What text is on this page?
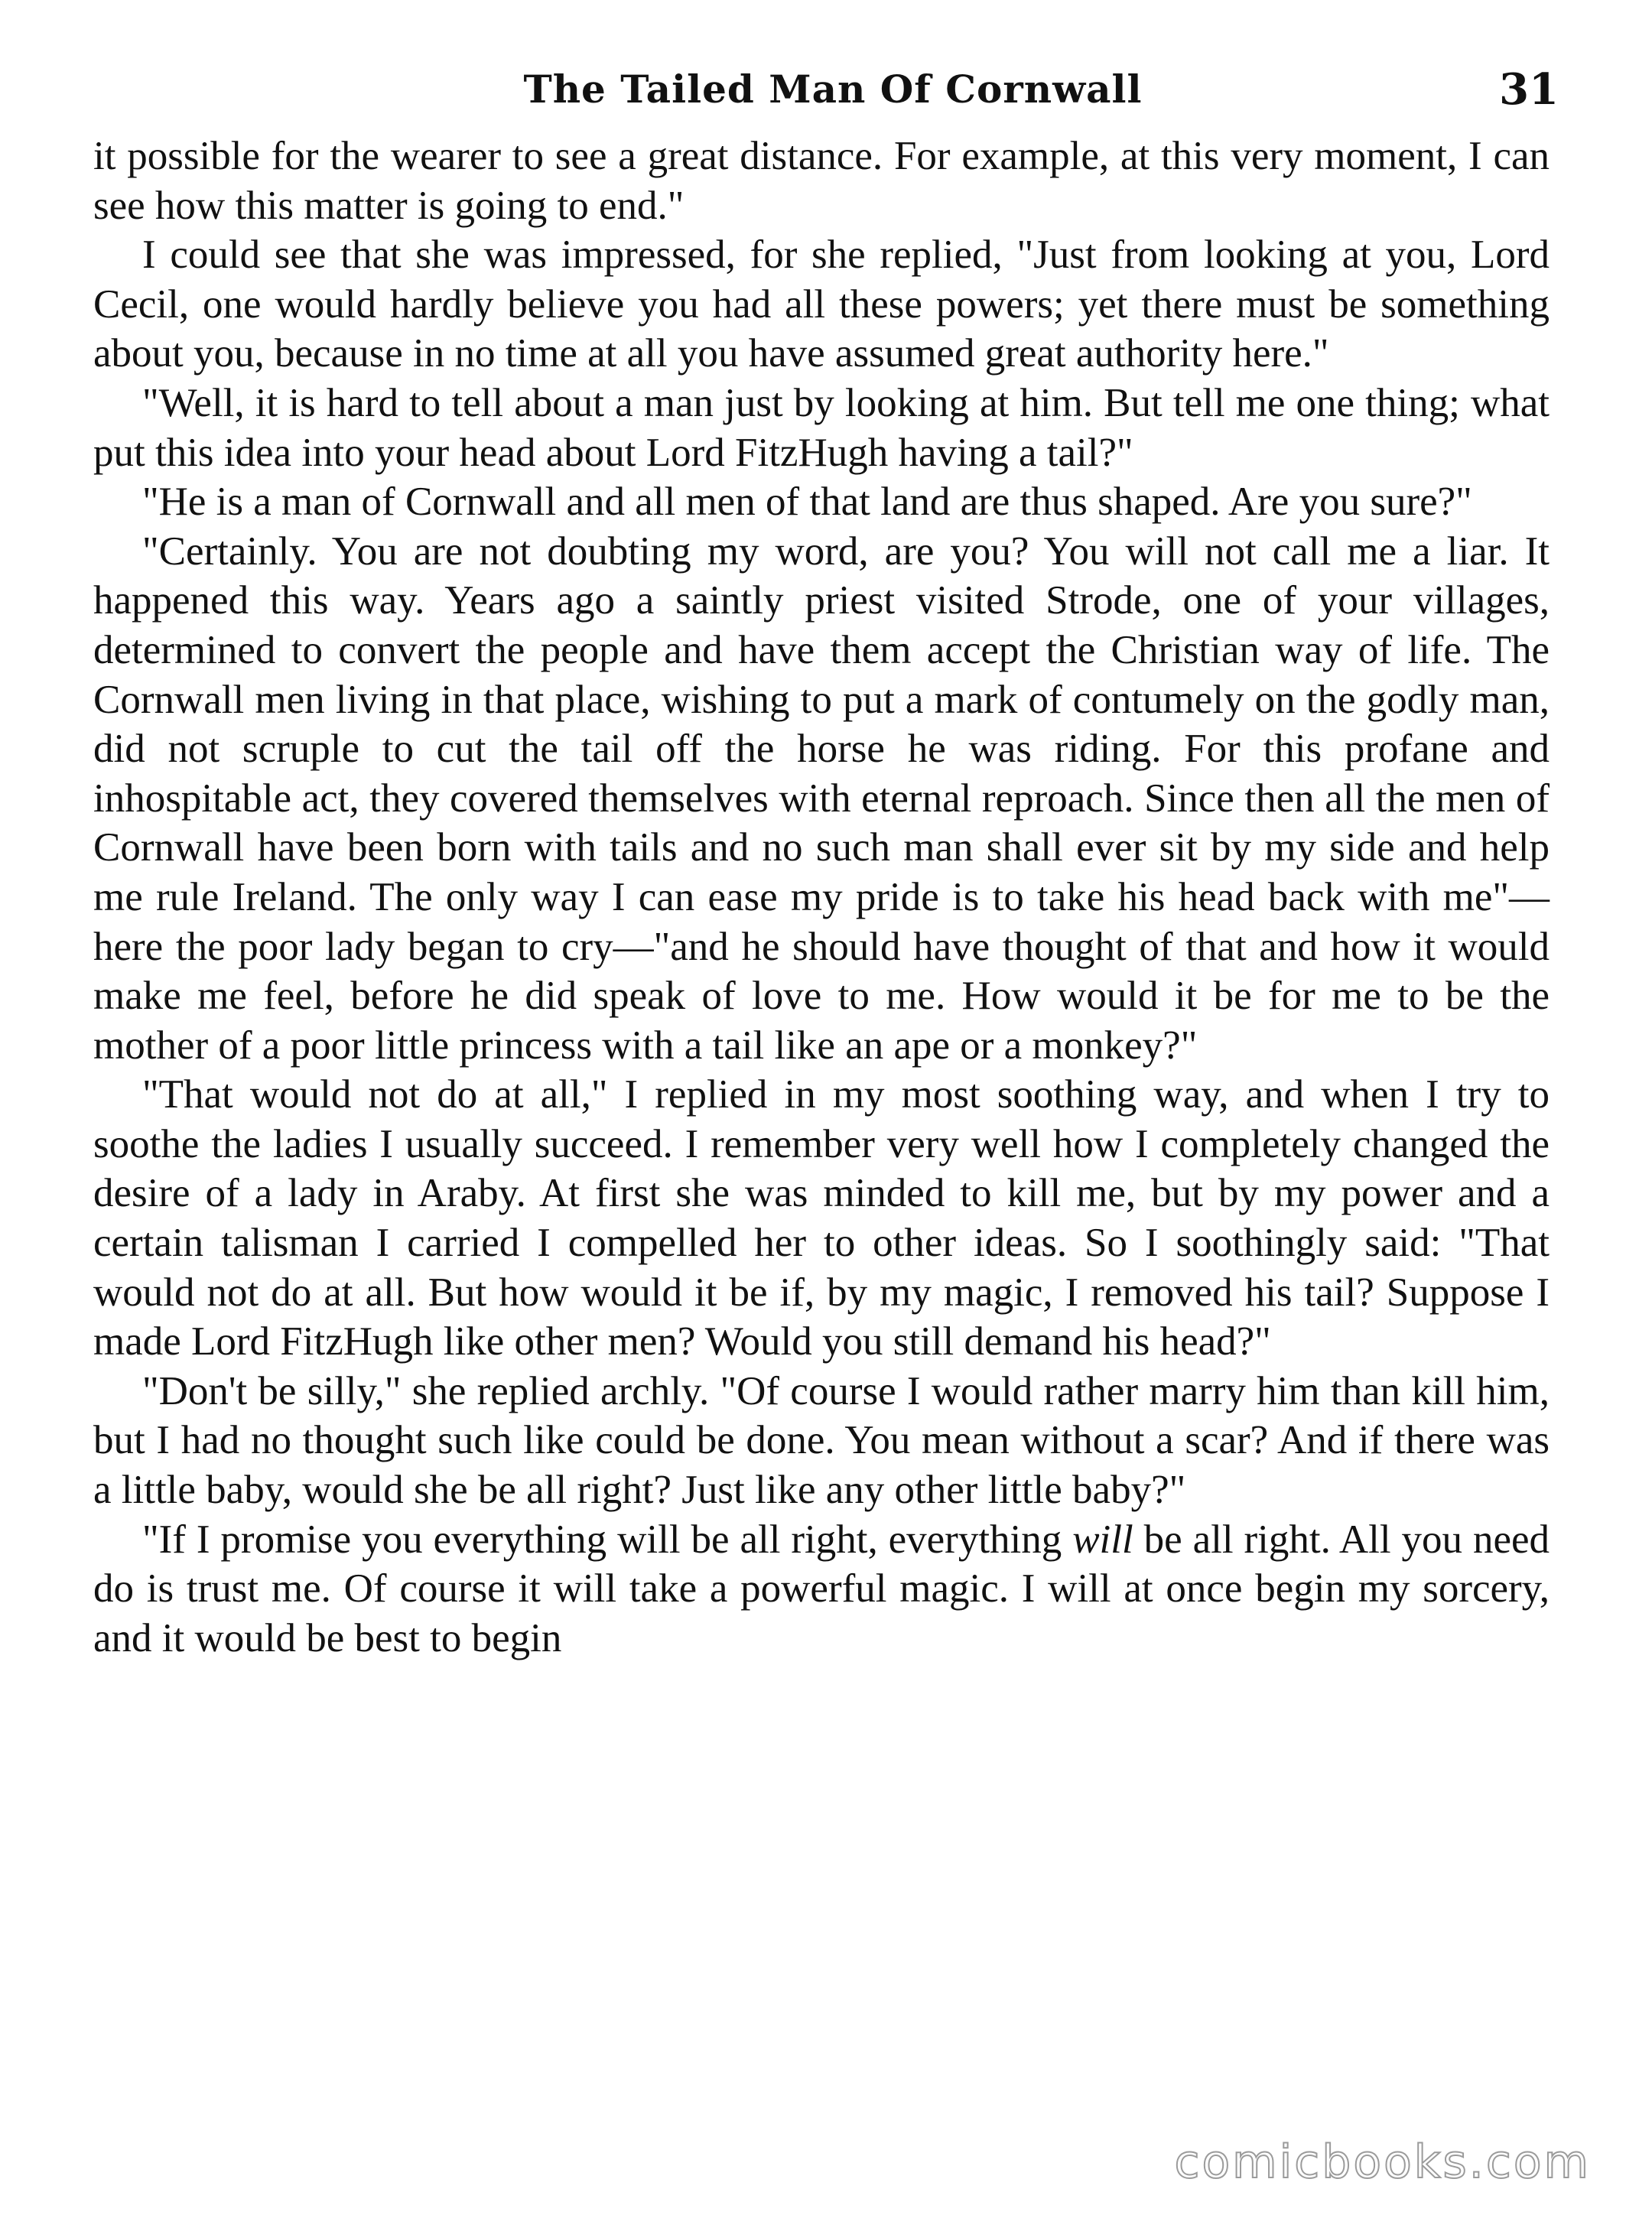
The Tailed Man Of Cornwall	31

it possible for the wearer to see a great distance. For example, at this very moment, I can see how this matter is going to end."

I could see that she was impressed, for she replied, "Just from looking at you, Lord Cecil, one would hardly believe you had all these powers; yet there must be something about you, because in no time at all you have assumed great authority here."

"Well, it is hard to tell about a man just by looking at him. But tell me one thing; what put this idea into your head about Lord FitzHugh having a tail?"

"He is a man of Cornwall and all men of that land are thus shaped. Are you sure?"

"Certainly. You are not doubting my word, are you? You will not call me a liar. It happened this way. Years ago a saintly priest visited Strode, one of your villages, determined to convert the people and have them accept the Christian way of life. The Cornwall men living in that place, wishing to put a mark of contumely on the godly man, did not scruple to cut the tail off the horse he was riding. For this profane and inhospitable act, they covered themselves with eternal reproach. Since then all the men of Cornwall have been born with tails and no such man shall ever sit by my side and help me rule Ireland. The only way I can ease my pride is to take his head back with me"—here the poor lady began to cry—"and he should have thought of that and how it would make me feel, before he did speak of love to me. How would it be for me to be the mother of a poor little princess with a tail like an ape or a monkey?"

"That would not do at all," I replied in my most soothing way, and when I try to soothe the ladies I usually succeed. I remember very well how I completely changed the desire of a lady in Araby. At first she was minded to kill me, but by my power and a certain talisman I carried I compelled her to other ideas. So I soothingly said: "That would not do at all. But how would it be if, by my magic, I removed his tail? Suppose I made Lord FitzHugh like other men? Would you still demand his head?"

"Don't be silly," she replied archly. "Of course I would rather marry him than kill him, but I had no thought such like could be done. You mean without a scar? And if there was a little baby, would she be all right? Just like any other little baby?"

"If I promise you everything will be all right, everything will be all right. All you need do is trust me. Of course it will take a powerful magic. I will at once begin my sorcery, and it would be best to begin

comicbooks.com
